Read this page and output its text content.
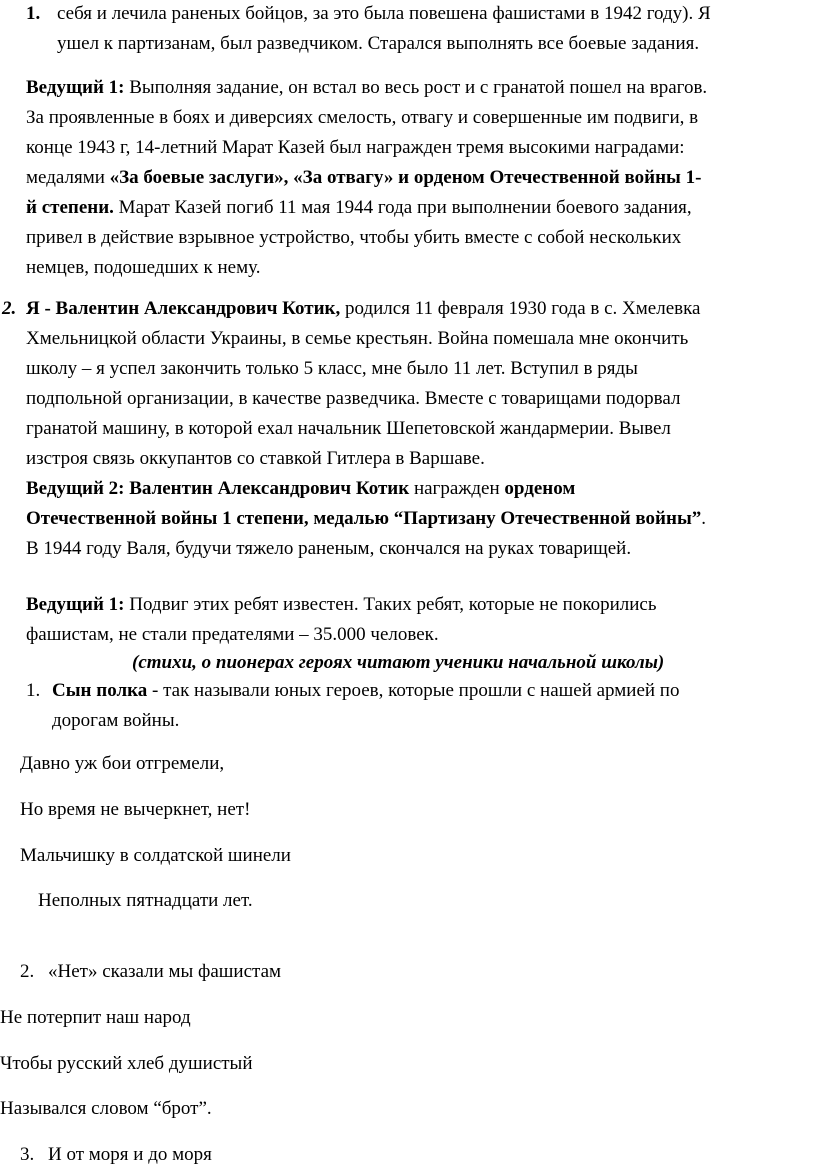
1. себя и лечила раненых бойцов, за это была повешена фашистами в 1942 году). Я

ушел к партизанам, был разведчиком. Старался выполнять все боевые задания.

Ведущий 1: Выполняя задание, он встал во весь рост и с гранатой пошел на врагов.

За проявленные в боях и диверсиях смелость, отвагу и совершенные им подвиги, в

конце 1943 г, 14-летний Марат Казей был награжден тремя высокими наградами:

медалями «За боевые заслуги», «За отвагу» и орденом Отечественной войны 1-

й степени. Марат Казей погиб 11 мая 1944 года при выполнении боевого задания,

привел в действие взрывное устройство, чтобы убить вместе с собой нескольких

немцев, подошедших к нему.

2. Я - Валентин Александрович Котик, родился 11 февраля 1930 года в с. Хмелевка

Хмельницкой области Украины, в семье крестьян. Война помешала мне окончить

школу – я успел закончить только 5 класс, мне было 11 лет. Вступил в ряды

подпольной организации, в качестве разведчика. Вместе с товарищами подорвал

гранатой машину, в которой ехал начальник Шепетовской жандармерии. Вывел

изстроя связь оккупантов со ставкой Гитлера в Варшаве.

Ведущий 2: Валентин Александрович Котик награжден орденом

Отечественной войны 1 степени, медалью “Партизану Отечественной войны”.

В 1944 году Валя, будучи тяжело раненым, скончался на руках товарищей.

Ведущий 1: Подвиг этих ребят известен. Таких ребят, которые не покорились

фашистам, не стали предателями – 35.000 человек.

(стихи, о пионерах героях читают ученики начальной школы)

1. Сын полка - так называли юных героев, которые прошли с нашей армией по

дорогам войны.

Давно уж бои отгремели,

Но время не вычеркнет, нет!

Мальчишку в солдатской шинели

Неполных пятнадцати лет.

2. «Нет» сказали мы фашистам

Не потерпит наш народ

Чтобы русский хлеб душистый

Назывался словом “брот”.

3. И от моря и до моря
